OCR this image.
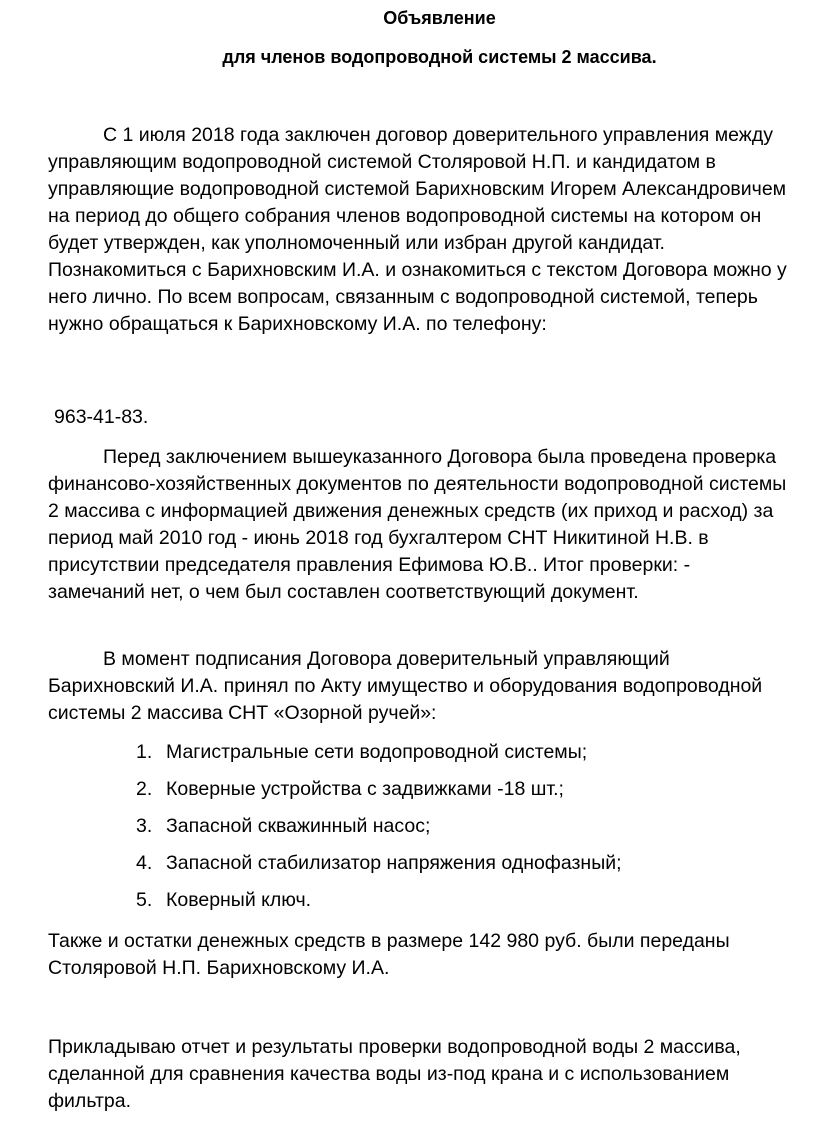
Объявление
для членов водопроводной системы 2 массива.

С 1 июля 2018 года заключен договор доверительного управления между управляющим водопроводной системой Столяровой Н.П. и кандидатом в управляющие водопроводной системой Барихновским Игорем Александровичем на период до общего собрания членов водопроводной системы на котором он будет утвержден, как уполномоченный или избран другой кандидат. Познакомиться с Барихновским И.А. и ознакомиться с текстом Договора можно у него лично. По всем вопросам, связанным с водопроводной системой, теперь нужно обращаться к Барихновскому И.А. по телефону:

963-41-83.

Перед заключением вышеуказанного Договора была проведена проверка финансово-хозяйственных документов по деятельности водопроводной системы 2 массива с информацией движения денежных средств (их приход и расход) за период май 2010 год - июнь 2018 год бухгалтером СНТ Никитиной Н.В. в присутствии председателя правления Ефимова Ю.В.. Итог проверки: - замечаний нет, о чем был составлен соответствующий документ.

В момент подписания Договора доверительный управляющий Барихновский И.А. принял по Акту имущество и оборудования водопроводной системы 2 массива СНТ «Озорной ручей»:

1. Магистральные сети водопроводной системы;
2. Коверные устройства с задвижками -18 шт.;
3. Запасной скважинный насос;
4. Запасной стабилизатор напряжения однофазный;
5. Коверный ключ.

Также и остатки денежных средств в размере 142 980 руб. были переданы Столяровой Н.П. Барихновскому И.А.

Прикладываю отчет и результаты проверки водопроводной воды 2 массива, сделанной для сравнения качества воды из-под крана и с использованием фильтра.
